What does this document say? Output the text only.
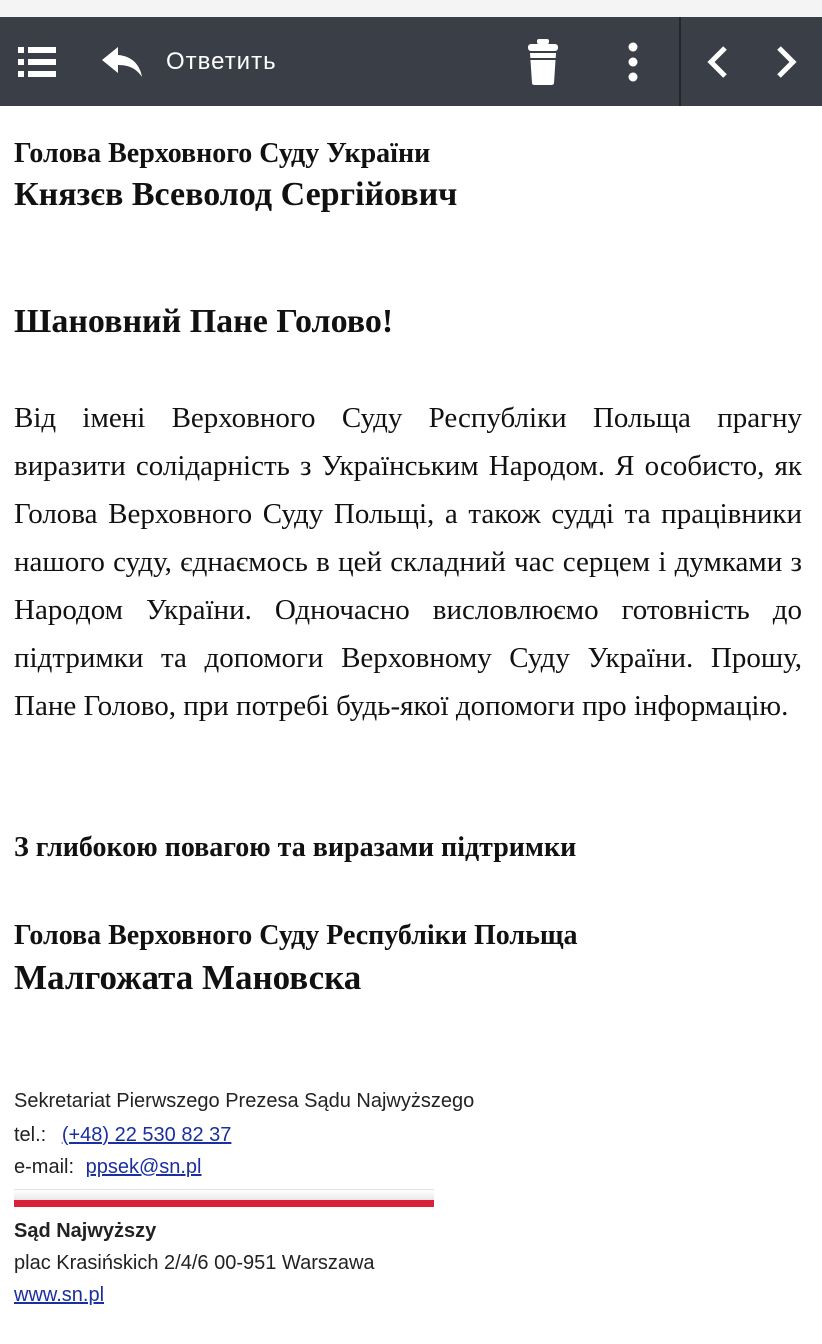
Ответить
Голова Верховного Суду України
Князєв Всеволод Сергійович
Шановний Пане Голово!

Від імені Верховного Суду Республіки Польща прагну виразити солідарність з Українським Народом. Я особисто, як Голова Верховного Суду Польщі, а також судді та працівники нашого суду, єднаємось в цей складний час серцем і думками з Народом України. Одночасно висловлюємо готовність до підтримки та допомоги Верховному Суду України. Прошу, Пане Голово, при потребі будь-якої допомоги про інформацію.

З глибокою повагою та виразами підтримки
Голова Верховного Суду Республіки Польща
Малгожата Мановска
Sekretariat Pierwszego Prezesa Sądu Najwyższego
tel.: (+48) 22 530 82 37
e-mail: ppsek@sn.pl
Sąd Najwyższy
plac Krasińskich 2/4/6 00-951 Warszawa
www.sn.pl
